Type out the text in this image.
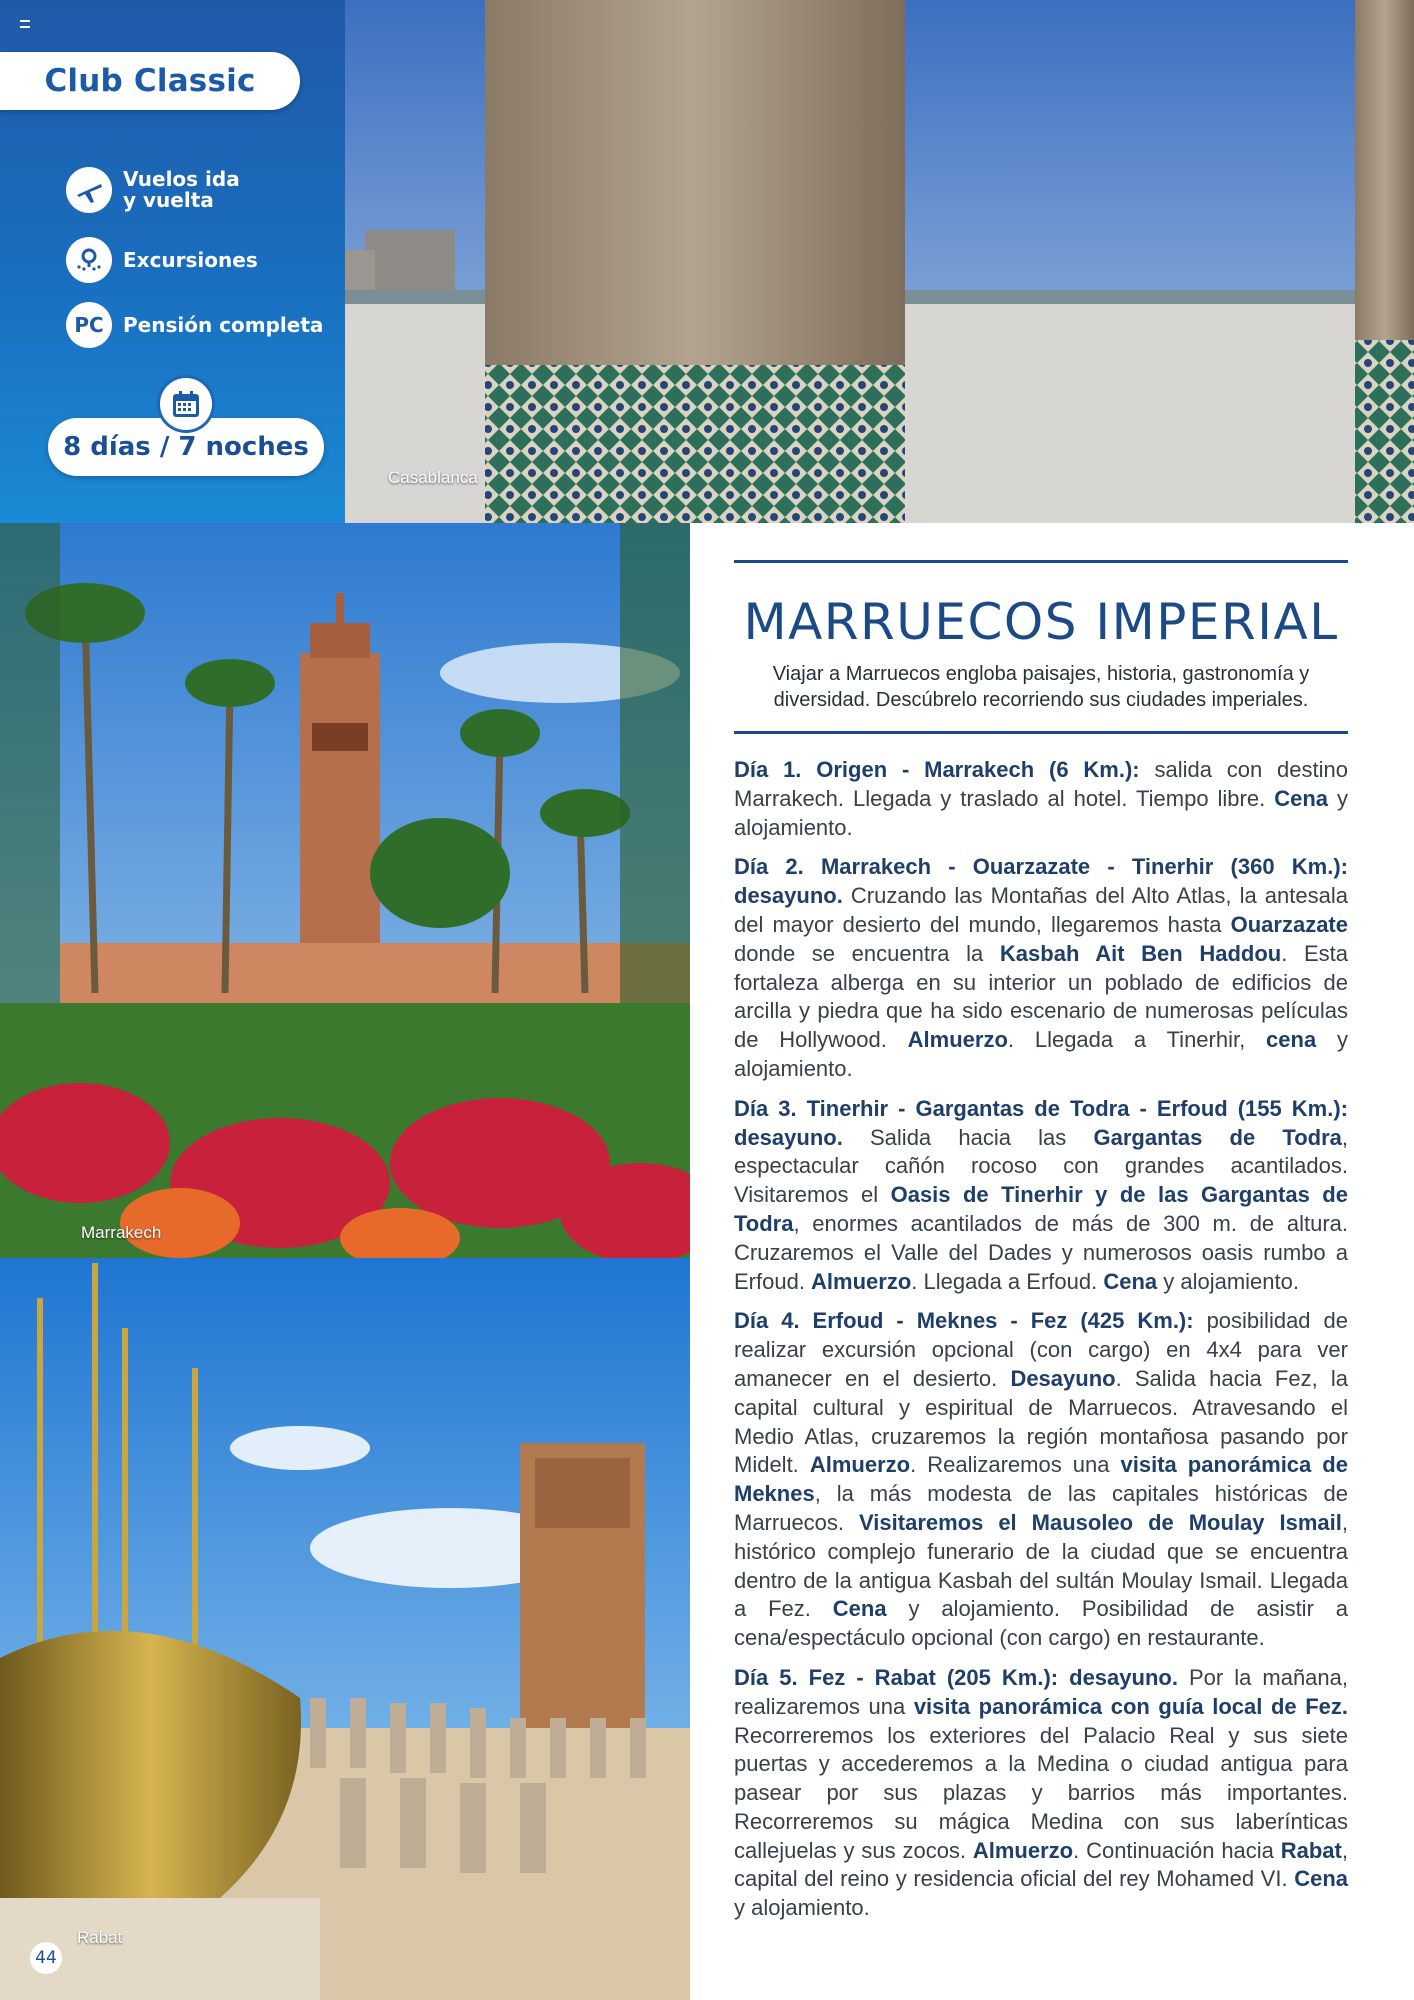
Club Classic
Vuelos ida
y vuelta
Excursiones
PC Pensión completa
8 días / 7 noches
Casablanca
Marrakech
Rabat
44
MARRUECOS IMPERIAL

Viajar a Marruecos engloba paisajes, historia, gastronomía y diversidad. Descúbrelo recorriendo sus ciudades imperiales.

Día 1. Origen - Marrakech (6 Km.): salida con destino Marrakech. Llegada y traslado al hotel. Tiempo libre. Cena y alojamiento.

Día 2. Marrakech - Ouarzazate - Tinerhir (360 Km.): desayuno. Cruzando las Montañas del Alto Atlas, la antesala del mayor desierto del mundo, llegaremos hasta Ouarzazate donde se encuentra la Kasbah Ait Ben Haddou. Esta fortaleza alberga en su interior un poblado de edificios de arcilla y piedra que ha sido escenario de numerosas películas de Hollywood. Almuerzo. Llegada a Tinerhir, cena y alojamiento.

Día 3. Tinerhir - Gargantas de Todra - Erfoud (155 Km.): desayuno. Salida hacia las Gargantas de Todra, espectacular cañón rocoso con grandes acantilados. Visitaremos el Oasis de Tinerhir y de las Gargantas de Todra, enormes acantilados de más de 300 m. de altura. Cruzaremos el Valle del Dades y numerosos oasis rumbo a Erfoud. Almuerzo. Llegada a Erfoud. Cena y alojamiento.

Día 4. Erfoud - Meknes - Fez (425 Km.): posibilidad de realizar excursión opcional (con cargo) en 4x4 para ver amanecer en el desierto. Desayuno. Salida hacia Fez, la capital cultural y espiritual de Marruecos. Atravesando el Medio Atlas, cruzaremos la región montañosa pasando por Midelt. Almuerzo. Realizaremos una visita panorámica de Meknes, la más modesta de las capitales históricas de Marruecos. Visitaremos el Mausoleo de Moulay Ismail, histórico complejo funerario de la ciudad que se encuentra dentro de la antigua Kasbah del sultán Moulay Ismail. Llegada a Fez. Cena y alojamiento. Posibilidad de asistir a cena/espectáculo opcional (con cargo) en restaurante.

Día 5. Fez - Rabat (205 Km.): desayuno. Por la mañana, realizaremos una visita panorámica con guía local de Fez. Recorreremos los exteriores del Palacio Real y sus siete puertas y accederemos a la Medina o ciudad antigua para pasear por sus plazas y barrios más importantes. Recorreremos su mágica Medina con sus laberínticas callejuelas y sus zocos. Almuerzo. Continuación hacia Rabat, capital del reino y residencia oficial del rey Mohamed VI. Cena y alojamiento.
